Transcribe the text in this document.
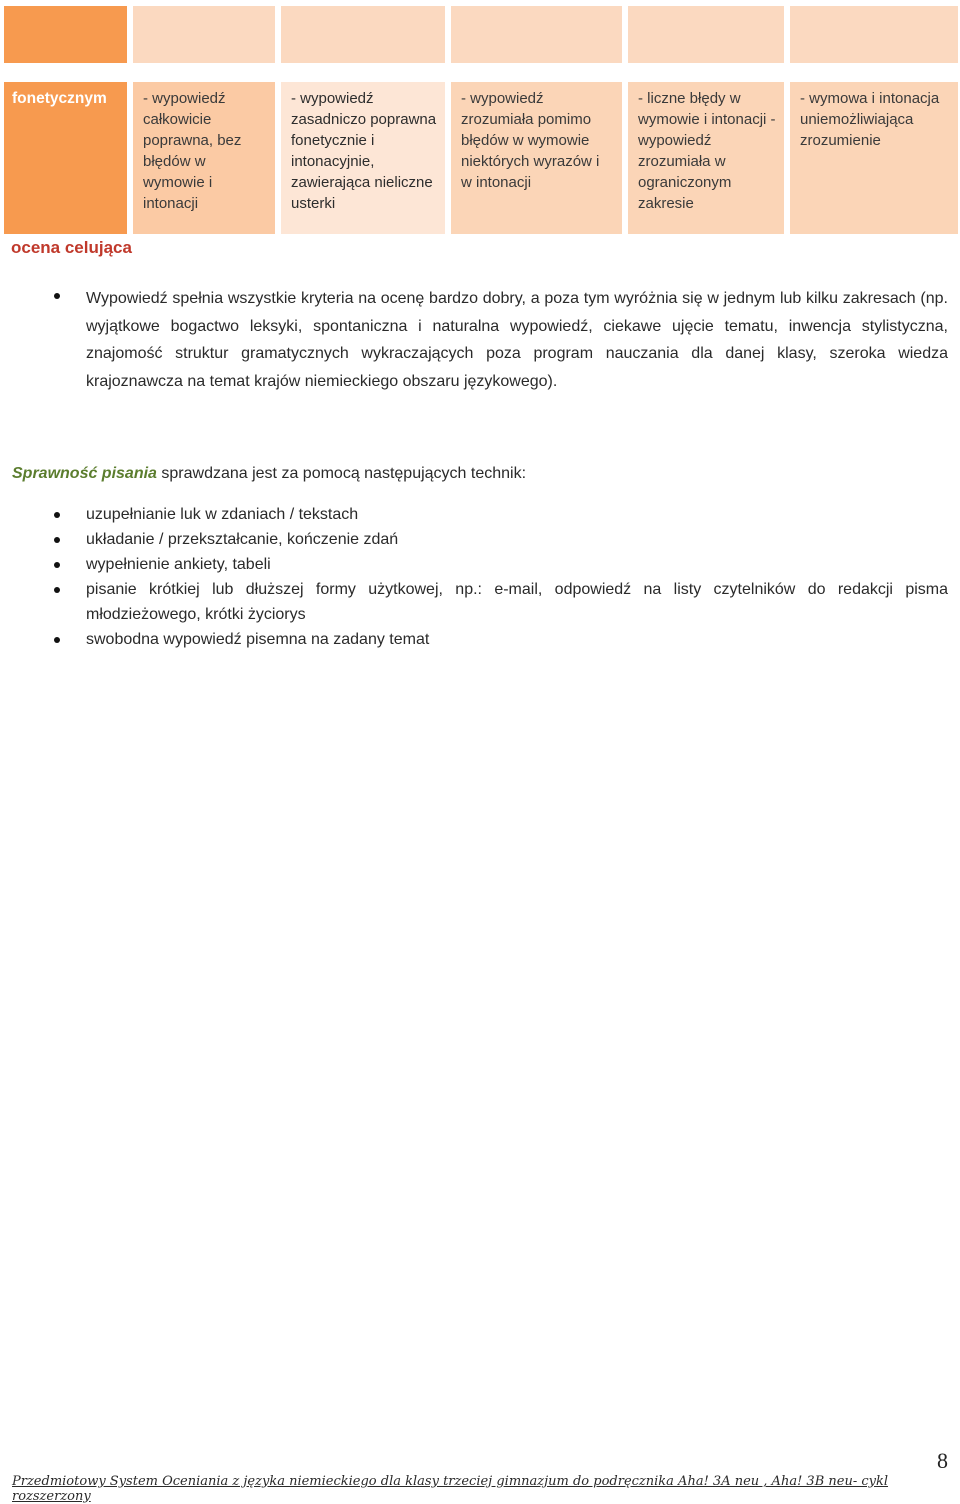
fonetycznym	- wypowiedź całkowicie poprawna, bez błędów w wymowie i intonacji
- wypowiedź zasadniczo poprawna fonetycznie i intonacyjnie, zawierająca nieliczne usterki
- wypowiedź zrozumiała pomimo błędów w wymowie niektórych wyrazów i w intonacji
- liczne błędy w wymowie i intonacji - wypowiedź zrozumiała w ograniczonym zakresie
- wymowa i intonacja uniemożliwiająca zrozumienie
ocena celująca
Wypowiedź spełnia wszystkie kryteria na ocenę bardzo dobry, a poza tym wyróżnia się w jednym lub kilku zakresach (np. wyjątkowe bogactwo leksyki, spontaniczna i naturalna wypowiedź, ciekawe ujęcie tematu, inwencja stylistyczna, znajomość struktur gramatycznych wykraczających poza program nauczania dla danej klasy, szeroka wiedza krajoznawcza na temat krajów niemieckiego obszaru językowego).
Sprawność pisania sprawdzana jest za pomocą następujących technik:
uzupełnianie luk w zdaniach / tekstach
układanie / przekształcanie, kończenie zdań
wypełnienie ankiety, tabeli
pisanie krótkiej lub dłuższej formy użytkowej, np.: e-mail, odpowiedź na listy czytelników do redakcji pisma młodzieżowego, krótki życiorys
swobodna wypowiedź pisemna na zadany temat
8
Przedmiotowy System Oceniania z języka niemieckiego dla klasy trzeciej gimnazjum do podręcznika Aha! 3A neu , Aha! 3B neu- cykl rozszerzony
